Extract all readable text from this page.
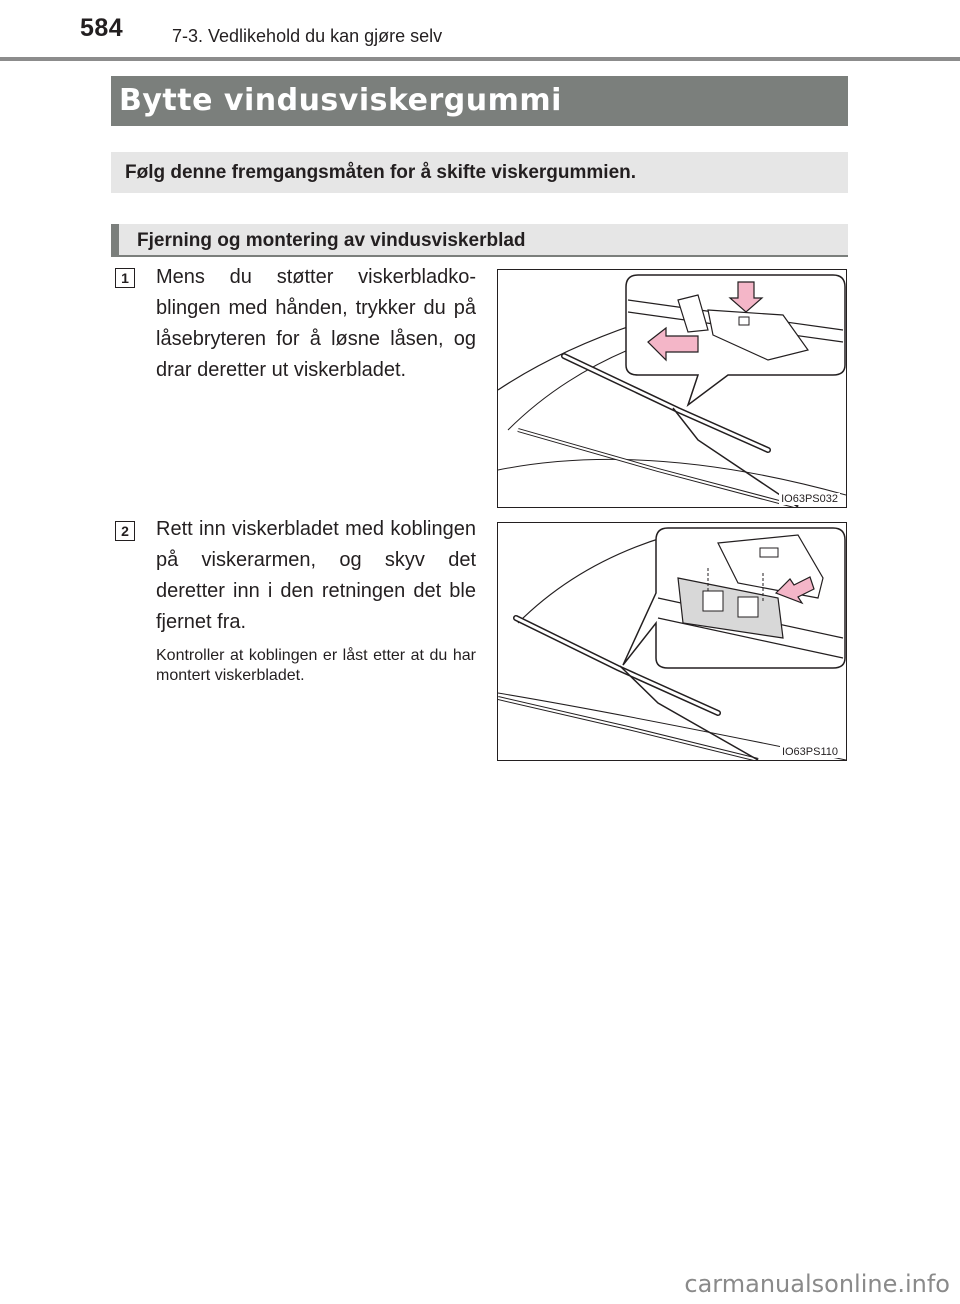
584	7-3. Vedlikehold du kan gjøre selv
Bytte vindusviskergummi
Følg denne fremgangsmåten for å skifte viskergummien.
Fjerning og montering av vindusviskerblad
1	Mens du støtter viskerbladkoblingen med hånden, trykker du på låsebryteren for å løsne låsen, og drar deretter ut viskerbladet.

IO63PS032
2	Rett inn viskerbladet med koblingen på viskerarmen, og skyv det deretter inn i den retningen det ble fjernet fra.

Kontroller at koblingen er låst etter at du har montert viskerbladet.

IO63PS110
carmanualsonline.info
